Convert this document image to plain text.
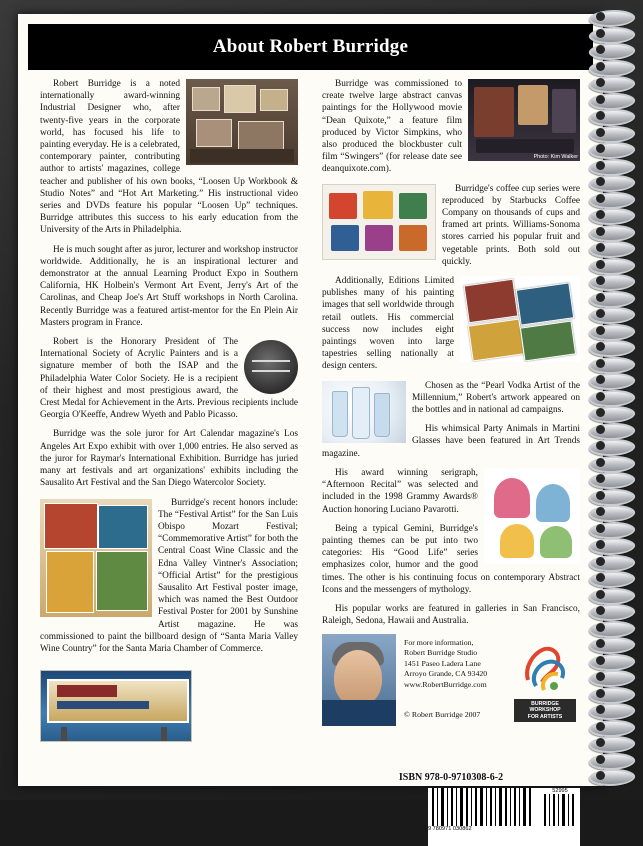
About Robert Burridge

Robert Burridge is a noted internationally award-winning Industrial Designer who, after twenty-five years in the corporate world, has focused his life to painting everyday. He is a celebrated, contemporary painter, contributing author to artists' magazines, college teacher and publisher of his own books, “Loosen Up Workbook & Studio Notes” and “Hot Art Marketing.” His instructional video series and DVDs feature his popular “Loosen Up” techniques. Burridge attributes this success to his early education from the University of the Arts in Philadelphia.

He is much sought after as juror, lecturer and workshop instructor worldwide. Additionally, he is an inspirational lecturer and demonstrator at the annual Learning Product Expo in Southern California, HK Holbein's Vermont Art Event, Jerry's Art of the Carolinas, and Cheap Joe's Art Stuff workshops in North Carolina. Recently Burridge was a featured artist-mentor for the En Plein Air Masters program in France.

Robert is the Honorary President of The International Society of Acrylic Painters and is a signature member of both the ISAP and the Philadelphia Water Color Society. He is a recipient of their highest and most prestigious award, the Crest Medal for Achievement in the Arts. Previous recipients include Georgia O'Keeffe, Andrew Wyeth and Pablo Picasso.

Burridge was the sole juror for Art Calendar magazine's Los Angeles Art Expo exhibit with over 1,000 entries. He also served as the juror for Raymar's International Exhibition. Burridge has juried many art festivals and art organizations' exhibits including the Sausalito Art Festival and the San Diego Watercolor Society.

Burridge's recent honors include: The “Festival Artist” for the San Luis Obispo Mozart Festival; “Commemorative Artist” for both the Central Coast Wine Classic and the Edna Valley Vintner's Association; “Official Artist” for the prestigious Sausalito Art Festival poster image, which was named the Best Outdoor Festival Poster for 2001 by Sunshine Artist magazine. He was commissioned to paint the billboard design of “Santa Maria Valley Wine Country” for the Santa Maria Chamber of Commerce.

Photo: Kim Walker

Burridge was commissioned to create twelve large abstract canvas paintings for the Hollywood movie “Dean Quixote,” a feature film produced by Victor Simpkins, who also produced the blockbuster cult film “Swingers” (for release date see deanquixote.com).

Burridge's coffee cup series were reproduced by Starbucks Coffee Company on thousands of cups and framed art prints. Williams-Sonoma stores carried his popular fruit and vegetable prints. Both sold out quickly.

Additionally, Editions Limited publishes many of his painting images that sell worldwide through retail outlets. His commercial success now includes eight paintings woven into large tapestries selling nationally at design centers.

Chosen as the “Pearl Vodka Artist of the Millennium,” Robert's artwork appeared on the bottles and in national ad campaigns.

His whimsical Party Animals in Martini Glasses have been featured in Art Trends magazine.

His award winning serigraph, “Afternoon Recital” was selected and included in the 1998 Grammy Awards® Auction honoring Luciano Pavarotti.

Being a typical Gemini, Burridge's painting themes can be put into two categories: His “Good Life” series emphasizes color, humor and the good times. The other is his continuing focus on contemporary Abstract Icons and the messengers of mythology.

His popular works are featured in galleries in San Francisco, Raleigh, Sedona, Hawaii and Australia.

For more information,
Robert Burridge Studio
1451 Paseo Ladera Lane
Arroyo Grande, CA 93420
www.RobertBurridge.com
© Robert Burridge 2007
BURRIDGE
WORKSHOP
FOR ARTISTS
ISBN 978-0-9710308-6-2
9 780971 030862
52995
